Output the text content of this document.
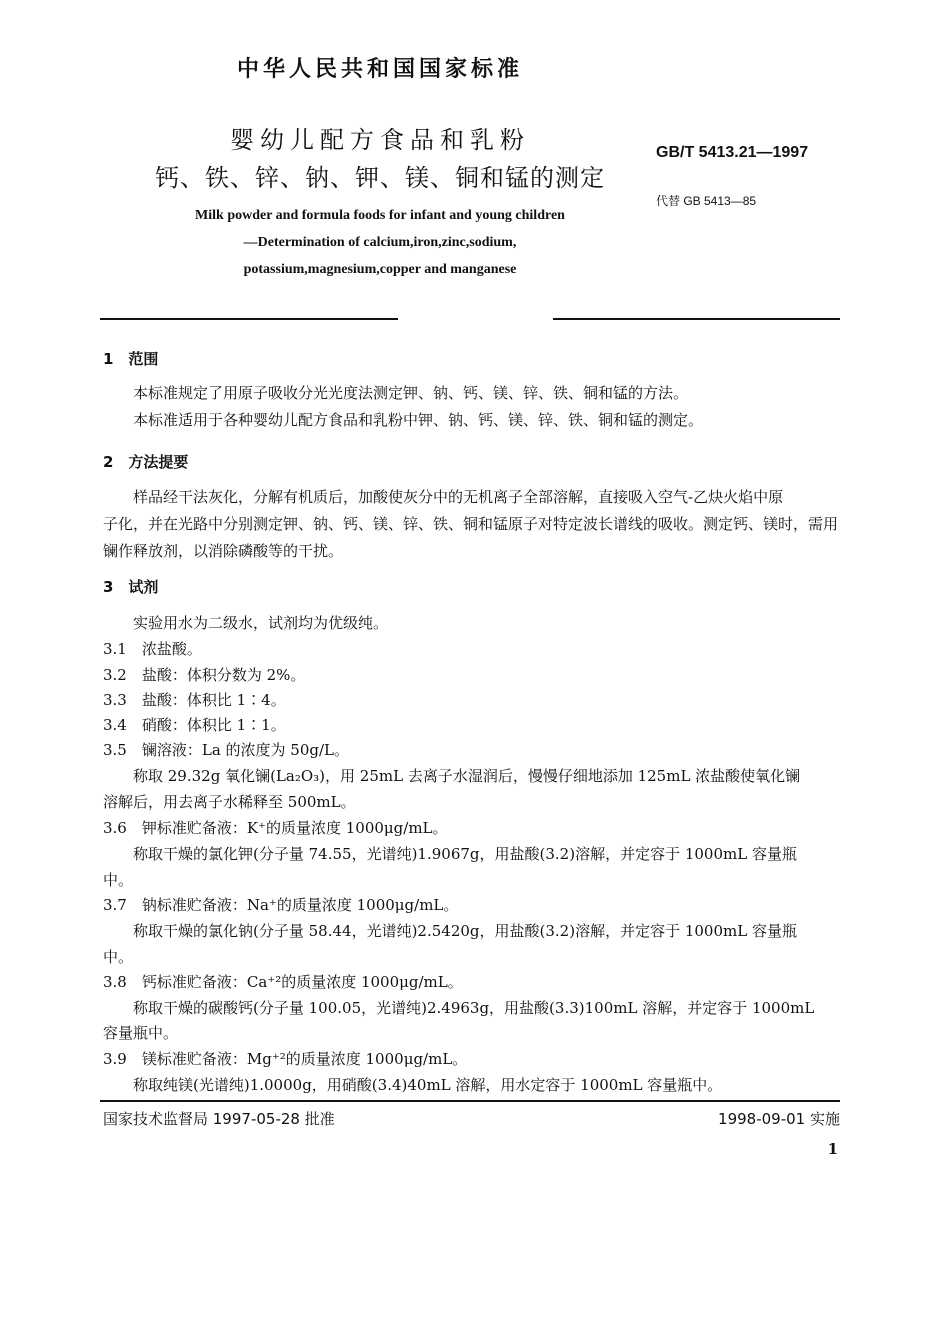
中华人民共和国国家标准
婴幼儿配方食品和乳粉
钙、铁、锌、钠、钾、镁、铜和锰的测定
GB/T 5413.21—1997
代替 GB 5413—85
Milk powder and formula foods for infant and young children
—Determination of calcium,iron,zinc,sodium,
potassium,magnesium,copper and manganese
1　范围
本标准规定了用原子吸收分光光度法测定钾、钠、钙、镁、锌、铁、铜和锰的方法。
本标准适用于各种婴幼儿配方食品和乳粉中钾、钠、钙、镁、锌、铁、铜和锰的测定。
2　方法提要
样品经干法灰化，分解有机质后，加酸使灰分中的无机离子全部溶解，直接吸入空气-乙炔火焰中原
子化，并在光路中分别测定钾、钠、钙、镁、锌、铁、铜和锰原子对特定波长谱线的吸收。测定钙、镁时，需用
镧作释放剂，以消除磷酸等的干扰。
3　试剂
实验用水为二级水，试剂均为优级纯。
3.1　浓盐酸。
3.2　盐酸：体积分数为 2%。
3.3　盐酸：体积比 1∶4。
3.4　硝酸：体积比 1∶1。
3.5　镧溶液：La 的浓度为 50g/L。
称取 29.32g 氧化镧(La₂O₃)，用 25mL 去离子水湿润后，慢慢仔细地添加 125mL 浓盐酸使氧化镧
溶解后，用去离子水稀释至 500mL。
3.6　钾标准贮备液：K⁺的质量浓度 1000μg/mL。
称取干燥的氯化钾(分子量 74.55，光谱纯)1.9067g，用盐酸(3.2)溶解，并定容于 1000mL 容量瓶
中。
3.7　钠标准贮备液：Na⁺的质量浓度 1000μg/mL。
称取干燥的氯化钠(分子量 58.44，光谱纯)2.5420g，用盐酸(3.2)溶解，并定容于 1000mL 容量瓶
中。
3.8　钙标准贮备液：Ca⁺²的质量浓度 1000μg/mL。
称取干燥的碳酸钙(分子量 100.05，光谱纯)2.4963g，用盐酸(3.3)100mL 溶解，并定容于 1000mL
容量瓶中。
3.9　镁标准贮备液：Mg⁺²的质量浓度 1000μg/mL。
称取纯镁(光谱纯)1.0000g，用硝酸(3.4)40mL 溶解，用水定容于 1000mL 容量瓶中。
国家技术监督局 1997-05-28 批准	1998-09-01 实施
1
